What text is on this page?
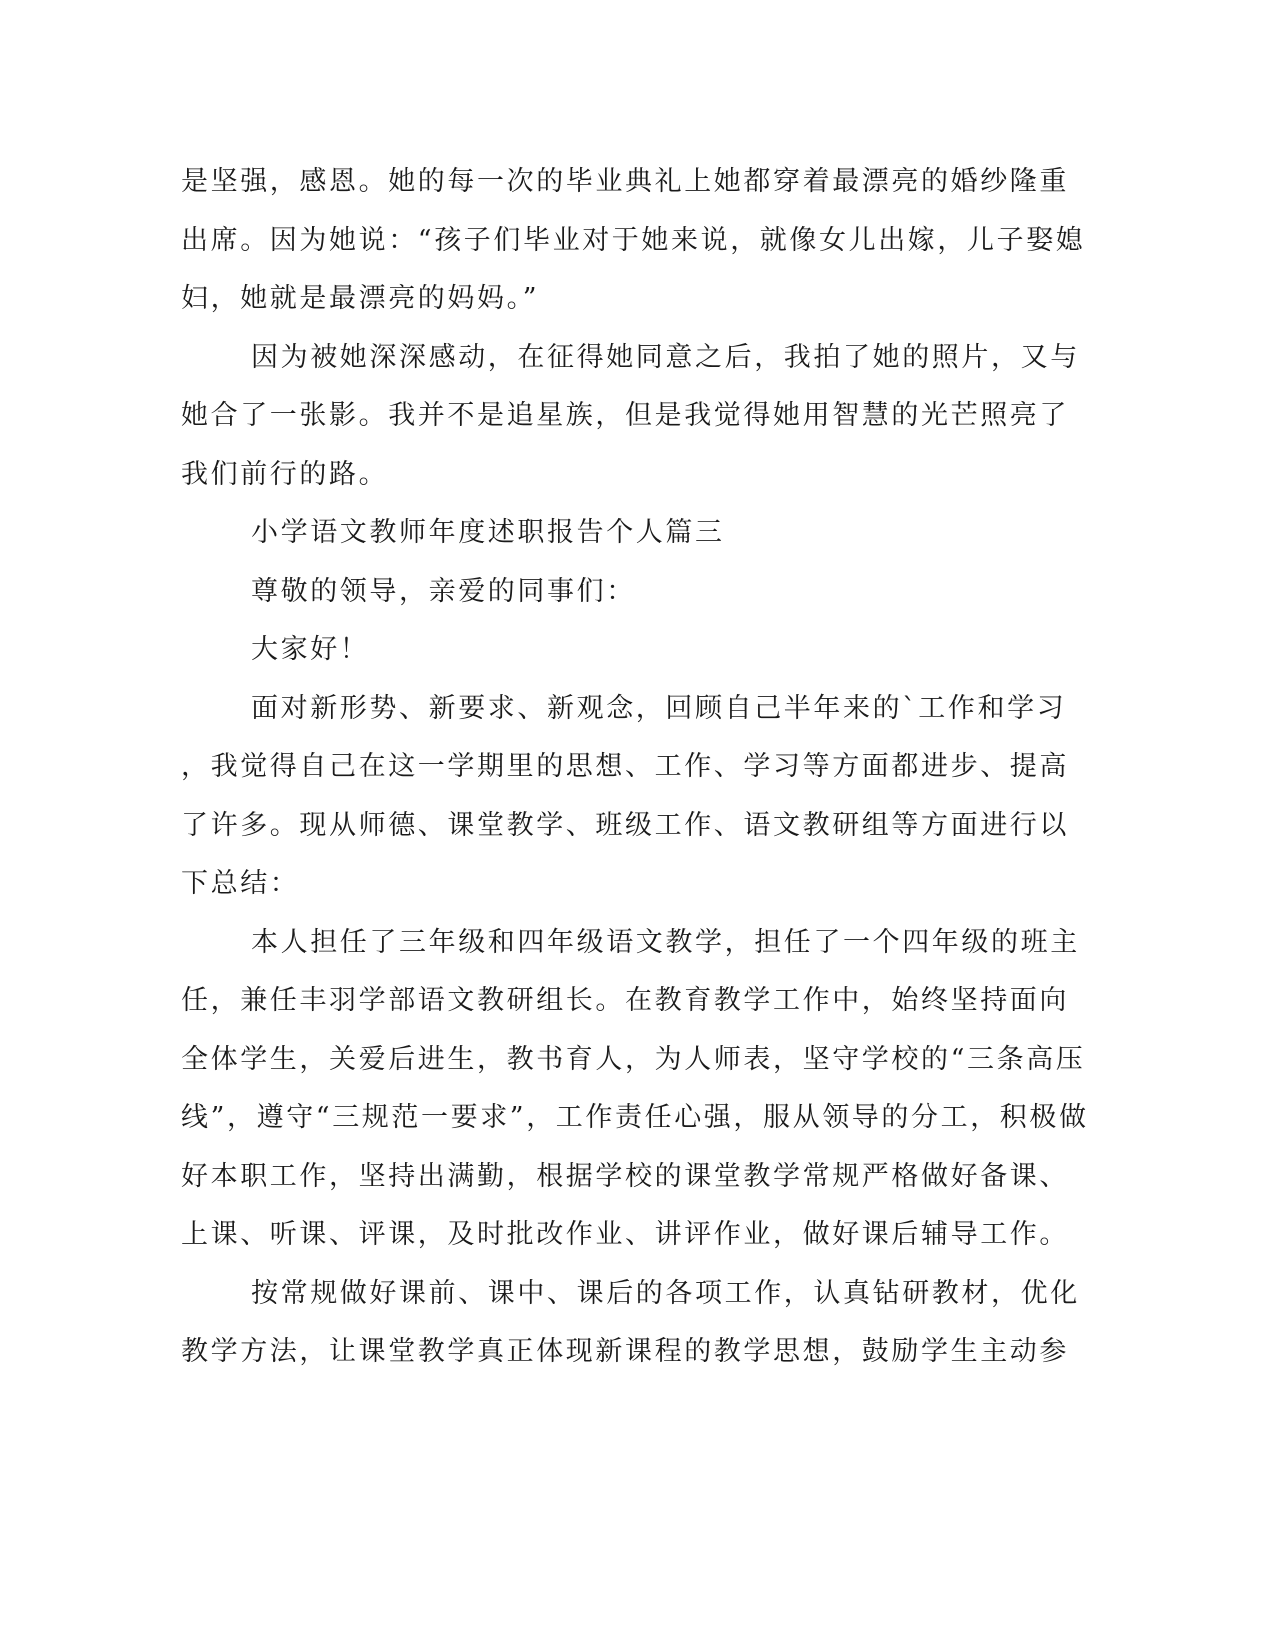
是坚强，感恩。她的每一次的毕业典礼上她都穿着最漂亮的婚纱隆重
出席。因为她说：“孩子们毕业对于她来说，就像女儿出嫁，儿子娶媳
妇，她就是最漂亮的妈妈。”
因为被她深深感动，在征得她同意之后，我拍了她的照片，又与
她合了一张影。我并不是追星族，但是我觉得她用智慧的光芒照亮了
我们前行的路。
小学语文教师年度述职报告个人篇三
尊敬的领导，亲爱的同事们：
大家好！
面对新形势、新要求、新观念，回顾自己半年来的`工作和学习
，我觉得自己在这一学期里的思想、工作、学习等方面都进步、提高
了许多。现从师德、课堂教学、班级工作、语文教研组等方面进行以
下总结：
本人担任了三年级和四年级语文教学，担任了一个四年级的班主
任，兼任丰羽学部语文教研组长。在教育教学工作中，始终坚持面向
全体学生，关爱后进生，教书育人，为人师表，坚守学校的“三条高压
线”，遵守“三规范一要求”，工作责任心强，服从领导的分工，积极做
好本职工作，坚持出满勤，根据学校的课堂教学常规严格做好备课、
上课、听课、评课，及时批改作业、讲评作业，做好课后辅导工作。
按常规做好课前、课中、课后的各项工作，认真钻研教材，优化
教学方法，让课堂教学真正体现新课程的教学思想，鼓励学生主动参
